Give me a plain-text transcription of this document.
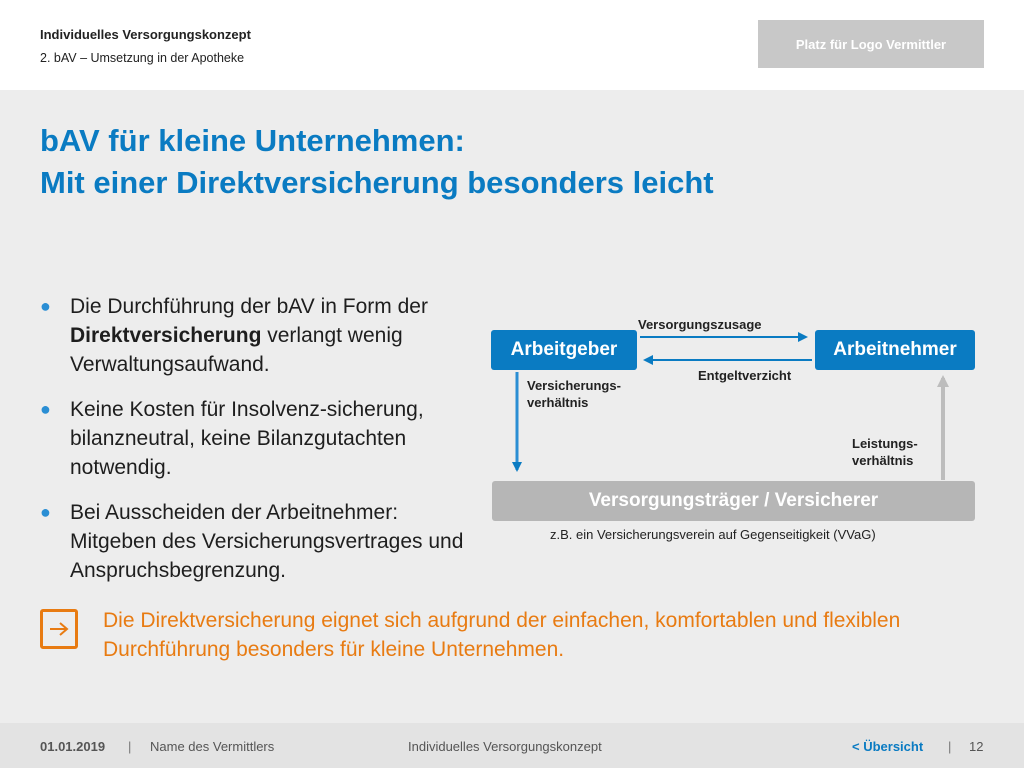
Individuelles Versorgungskonzept
2. bAV – Umsetzung in der Apotheke
Platz für Logo Vermittler
bAV für kleine Unternehmen:
Mit einer Direktversicherung besonders leicht
● Die Durchführung der bAV in Form der Direktversicherung verlangt wenig Verwaltungsaufwand.
● Keine Kosten für Insolvenz-sicherung, bilanzneutral, keine Bilanzgutachten notwendig.
● Bei Ausscheiden der Arbeitnehmer: Mitgeben des Versicherungsvertrages und Anspruchsbegrenzung.
Arbeitgeber	Arbeitnehmer
Versorgungsträger / Versicherer
Versorgungszusage
Entgeltverzicht
Versicherungs-
verhältnis
Leistungs-
verhältnis
z.B. ein Versicherungsverein auf Gegenseitigkeit (VVaG)
Die Direktversicherung eignet sich aufgrund der einfachen, komfortablen und flexiblen Durchführung besonders für kleine Unternehmen.
01.01.2019 | Name des Vermittlers	Individuelles Versorgungskonzept	< Übersicht | 12
